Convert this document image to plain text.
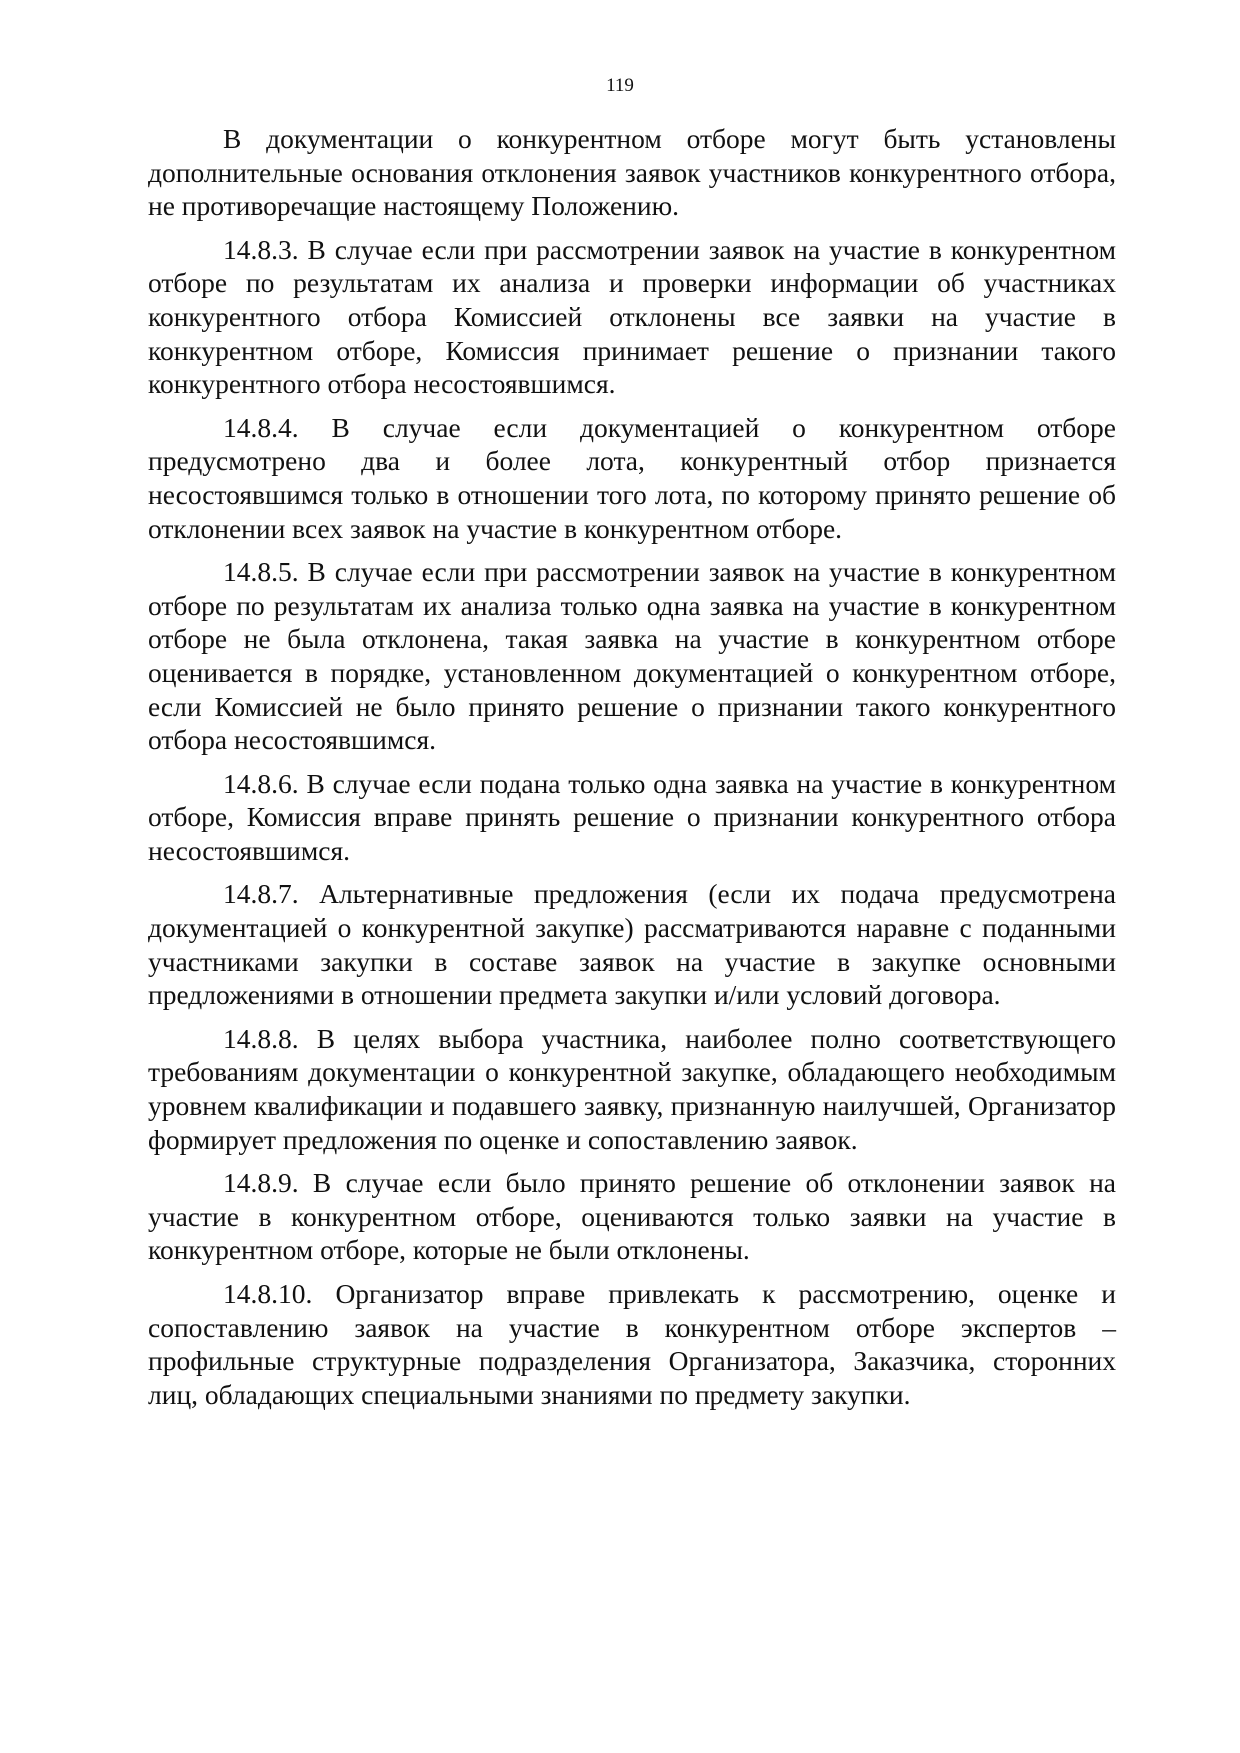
119

В документации о конкурентном отборе могут быть установлены дополнительные основания отклонения заявок участников конкурентного отбора, не противоречащие настоящему Положению.

14.8.3. В случае если при рассмотрении заявок на участие в конкурентном отборе по результатам их анализа и проверки информации об участниках конкурентного отбора Комиссией отклонены все заявки на участие в конкурентном отборе, Комиссия принимает решение о признании такого конкурентного отбора несостоявшимся.

14.8.4. В случае если документацией о конкурентном отборе предусмотрено два и более лота, конкурентный отбор признается несостоявшимся только в отношении того лота, по которому принято решение об отклонении всех заявок на участие в конкурентном отборе.

14.8.5. В случае если при рассмотрении заявок на участие в конкурентном отборе по результатам их анализа только одна заявка на участие в конкурентном отборе не была отклонена, такая заявка на участие в конкурентном отборе оценивается в порядке, установленном документацией о конкурентном отборе, если Комиссией не было принято решение о признании такого конкурентного отбора несостоявшимся.

14.8.6. В случае если подана только одна заявка на участие в конкурентном отборе, Комиссия вправе принять решение о признании конкурентного отбора несостоявшимся.

14.8.7. Альтернативные предложения (если их подача предусмотрена документацией о конкурентной закупке) рассматриваются наравне с поданными участниками закупки в составе заявок на участие в закупке основными предложениями в отношении предмета закупки и/или условий договора.

14.8.8. В целях выбора участника, наиболее полно соответствующего требованиям документации о конкурентной закупке, обладающего необходимым уровнем квалификации и подавшего заявку, признанную наилучшей, Организатор формирует предложения по оценке и сопоставлению заявок.

14.8.9. В случае если было принято решение об отклонении заявок на участие в конкурентном отборе, оцениваются только заявки на участие в конкурентном отборе, которые не были отклонены.

14.8.10. Организатор вправе привлекать к рассмотрению, оценке и сопоставлению заявок на участие в конкурентном отборе экспертов – профильные структурные подразделения Организатора, Заказчика, сторонних лиц, обладающих специальными знаниями по предмету закупки.
